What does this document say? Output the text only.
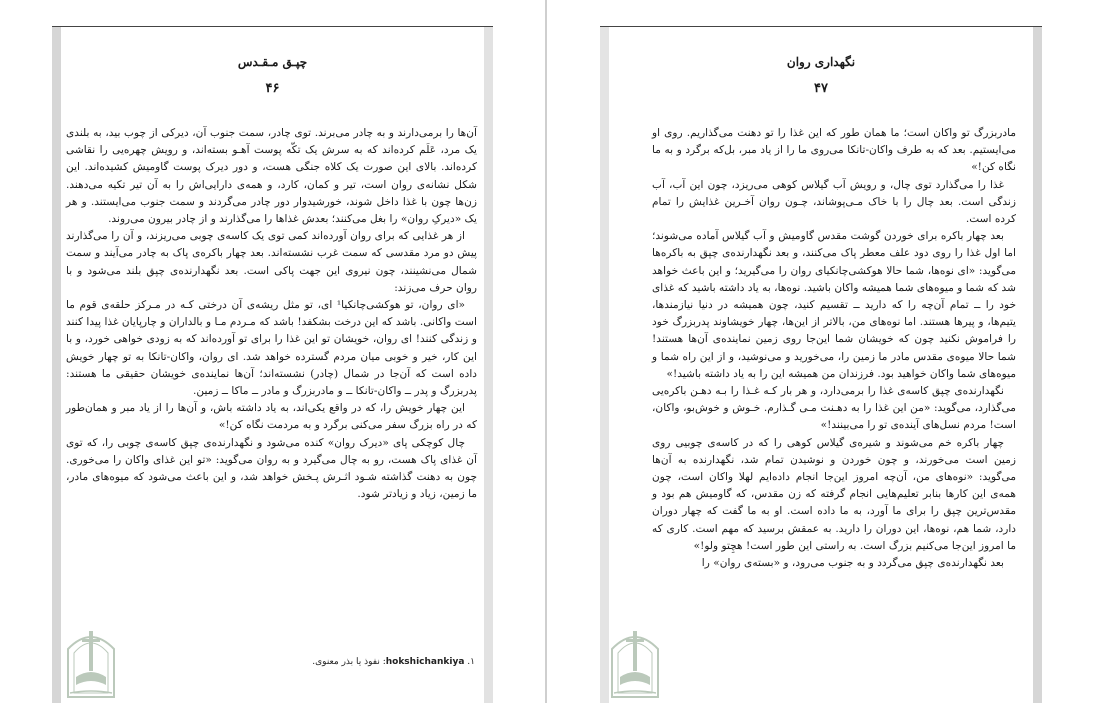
چپـق مـقـدس
۴۶

آن‌ها را برمی‌دارند و به چادر می‌برند. توی چادر، سمت جنوب آن، دیرکی از چوب بید، به بلندی یک مرد، عَلَم کرده‌اند که به سرش یک تکّه پوست آهـو بسته‌اند، و رویش چهره‌یی را نقاشی کرده‌اند. بالای این صورت یک کلاه جنگی هست، و دور دیرک پوست گاومیش کشیده‌اند. این شکل نشانه‌ی روان است، تیر و کمان، کارد، و همه‌ی دارایی‌اش را به آن تیر تکیه می‌دهند. زن‌ها چون با غذا داخل شوند، خورشیدوار دور چادر می‌گردند و سمت جنوب می‌ایستند. و هر یک «دیرکِ روان» را بغل می‌کنند؛ بعدش غذاها را می‌گذارند و از چادر بیرون می‌روند.

از هر غذایی که برای روان آورده‌اند کمی توی یک کاسه‌ی چوبی می‌ریزند، و آن را می‌گذارند پیش دو مرد مقدسی که سمت غرب نشسته‌اند. بعد چهار باکره‌ی پاک به چادر می‌آیند و سمت شمال می‌نشینند، چون نیروی این جهت پاکی است. بعد نگهدارنده‌ی چپق بلند می‌شود و با روان حرف می‌زند:

«ای روان، تو هوکشی‌چانکیا¹ ای، تو مثل ریشه‌ی آن درختی کـه در مـرکز حلقه‌ی قوم ما است واکانی. باشد که این درخت بشکفد! باشد که مـردم مـا و بالداران و چارپایان غذا پیدا کنند و زندگی کنند! ای روان، خویشان تو این غذا را برای تو آورده‌اند که به زودی خواهی خورد، و با این کار، خیر و خوبی میان مردم گسترده خواهد شد. ای روان، واکان-تانکا به تو چهار خویش داده است که آن‌جا در شمال (چادر) نشسته‌اند؛ آن‌ها نماینده‌ی خویشان حقیقی ما هستند: پدربزرگ و پدر ــ واکان-تانکا ــ و مادربزرگ و مادر ــ ماکا ــ زمین.

این چهار خویش را، که در واقع یکی‌اند، به یاد داشته باش، و آن‌ها را از یاد مبر و همان‌طور که در راه بزرگ سفر می‌کنی برگرد و به مردمت نگاه کن!»

چال کوچکی پای «دیرک روان» کنده می‌شود و نگهدارنده‌ی چپق کاسه‌ی چوبی را، که توی آن غذای پاک هست، رو به چال می‌گیرد و به روان می‌گوید: «تو این غذای واکان را می‌خوری. چون به دهنت گذاشته شـود اثـرش پـخش خواهد شد، و این باعث می‌شود که میوه‌های مادر، ما زمین، زیاد و زیادتر شود.

۱. hokshichankiya: نفوذ یا بذر معنوی.
نگهداری روان
۴۷

مادربزرگ تو واکان است؛ ما همان طور که این غذا را تو دهنت می‌گذاریم. روی او می‌ایستیم. بعد که به طرف واکان-تانکا می‌روی ما را از یاد مبر، بل‌که برگرد و به ما نگاه کن!»

غذا را می‌گذارد توی چال، و رویش آب گیلاس کوهی می‌ریزد، چون این آب، آب زندگی است. بعد چال را با خاک مـی‌پوشاند، چـون روان آخـرین غذایش را تمام کرده است.

بعد چهار باکره برای خوردن گوشت مقدس گاومیش و آب گیلاس آماده می‌شوند؛ اما اول غذا را روی دود علف معطر پاک می‌کنند، و بعد نگهدارنده‌ی چپق به باکره‌ها می‌گوید: «ای نوه‌ها، شما حالا هوکشی‌چانکیای روان را می‌گیرید؛ و این باعث خواهد شد که شما و میوه‌های شما همیشه واکان باشید. نوه‌ها، به یاد داشته باشید که غذای خود را ــ تمام آن‌چه را که دارید ــ تقسیم کنید، چون همیشه در دنیا نیازمندها، یتیم‌ها، و پیرها هستند. اما نوه‌های من، بالاتر از این‌ها، چهار خویشاوند پدربزرگ خود را فراموش نکنید چون که خویشان شما این‌جا روی زمین نماینده‌ی آن‌ها هستند! شما حالا میوه‌ی مقدس مادر ما زمین را، می‌خورید و می‌نوشید، و از این راه شما و میوه‌های شما واکان خواهید بود. فرزندان من همیشه این را به یاد داشته باشید!»

نگهدارنده‌ی چپق کاسه‌ی غذا را برمی‌دارد، و هر بار کـه غـذا را بـه دهـن باکره‌یی می‌گذارد، می‌گوید: «من این غذا را به دهـنت مـی گـذارم. خـوش و خوش‌بو، واکان، است! مردم نسل‌های آینده‌ی تو را می‌بینند!»

چهار باکره خم می‌شوند و شیره‌ی گیلاس کوهی را که در کاسه‌ی چوبیی روی زمین است می‌خورند، و چون خوردن و نوشیدن تمام شد، نگهدارنده به آن‌ها می‌گوید: «نوه‌های من، آن‌چه امروز این‌جا انجام داده‌ایم لهلا واکان است، چون همه‌ی این کارها بنابر تعلیم‌هایی انجام گرفته که زن مقدس، که گاومیش هم بود و مقدس‌ترین چپق را برای ما آورد، به ما داده است. او به ما گفت که چهار دوران دارد، شما هم، نوه‌ها، این دوران را دارید. به عمقش برسید که مهم است. کاری که ما امروز این‌جا می‌کنیم بزرگ است. به راستی این طور است! هچِتو ولو!»

بعد نگهدارنده‌ی چپق می‌گردد و به جنوب می‌رود، و «بسته‌ی روان» را
